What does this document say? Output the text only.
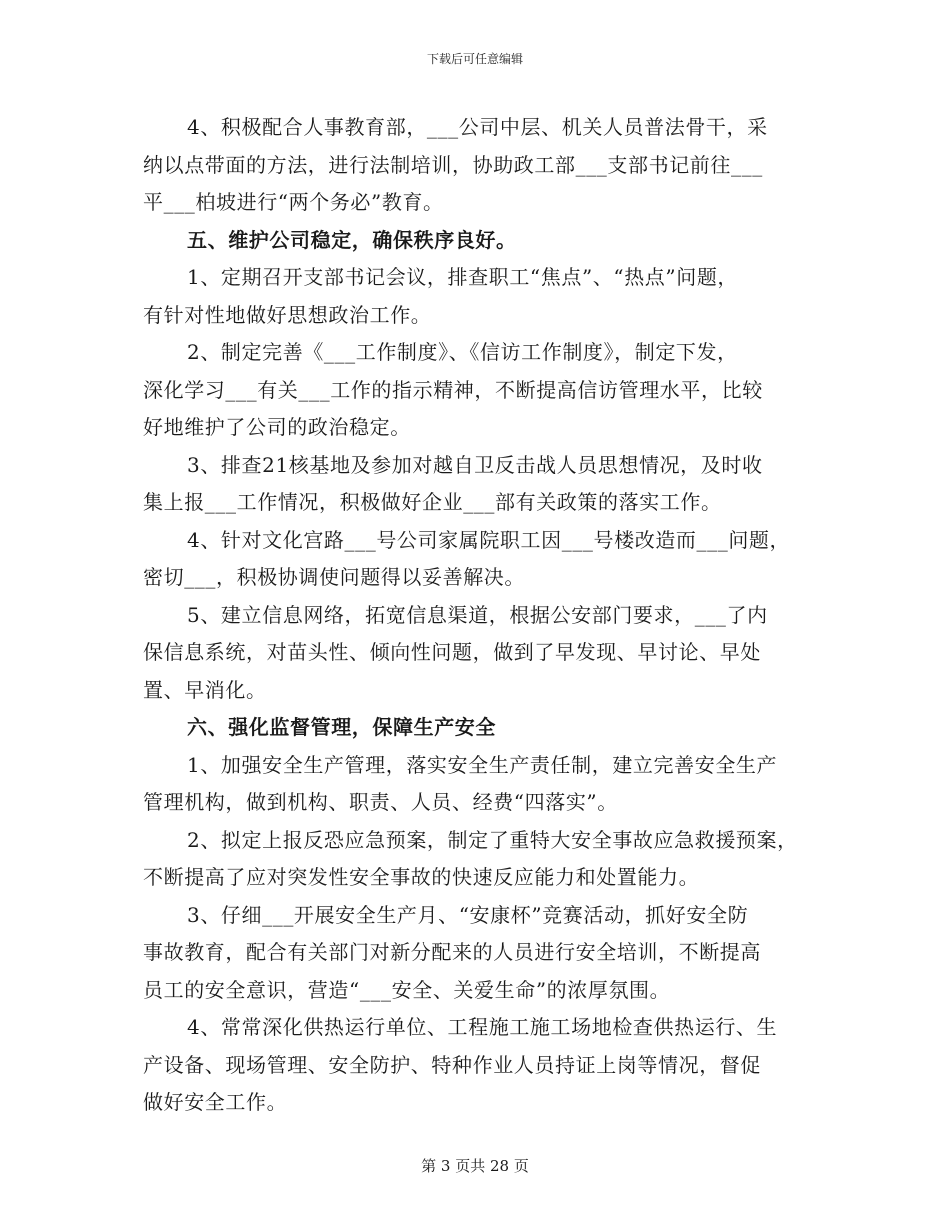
下载后可任意编辑
4、积极配合人事教育部，___公司中层、机关人员普法骨干，采
纳以点带面的方法，进行法制培训，协助政工部___支部书记前往___
平___柏坡进行“两个务必”教育。
五、维护公司稳定，确保秩序良好。
1、定期召开支部书记会议，排查职工“焦点”、“热点”问题，
有针对性地做好思想政治工作。
2、制定完善《___工作制度》、《信访工作制度》，制定下发，
深化学习___有关___工作的指示精神，不断提高信访管理水平，比较
好地维护了公司的政治稳定。
3、排查21核基地及参加对越自卫反击战人员思想情况，及时收
集上报___工作情况，积极做好企业___部有关政策的落实工作。
4、针对文化宫路___号公司家属院职工因___号楼改造而___问题，
密切___，积极协调使问题得以妥善解决。
5、建立信息网络，拓宽信息渠道，根据公安部门要求，___了内
保信息系统，对苗头性、倾向性问题，做到了早发现、早讨论、早处
置、早消化。
六、强化监督管理，保障生产安全
1、加强安全生产管理，落实安全生产责任制，建立完善安全生产
管理机构，做到机构、职责、人员、经费“四落实”。
2、拟定上报反恐应急预案，制定了重特大安全事故应急救援预案，
不断提高了应对突发性安全事故的快速反应能力和处置能力。
3、仔细___开展安全生产月、“安康杯”竞赛活动，抓好安全防
事故教育，配合有关部门对新分配来的人员进行安全培训，不断提高
员工的安全意识，营造“___安全、关爱生命”的浓厚氛围。
4、常常深化供热运行单位、工程施工施工场地检查供热运行、生
产设备、现场管理、安全防护、特种作业人员持证上岗等情况，督促
做好安全工作。
第 3 页共 28 页
